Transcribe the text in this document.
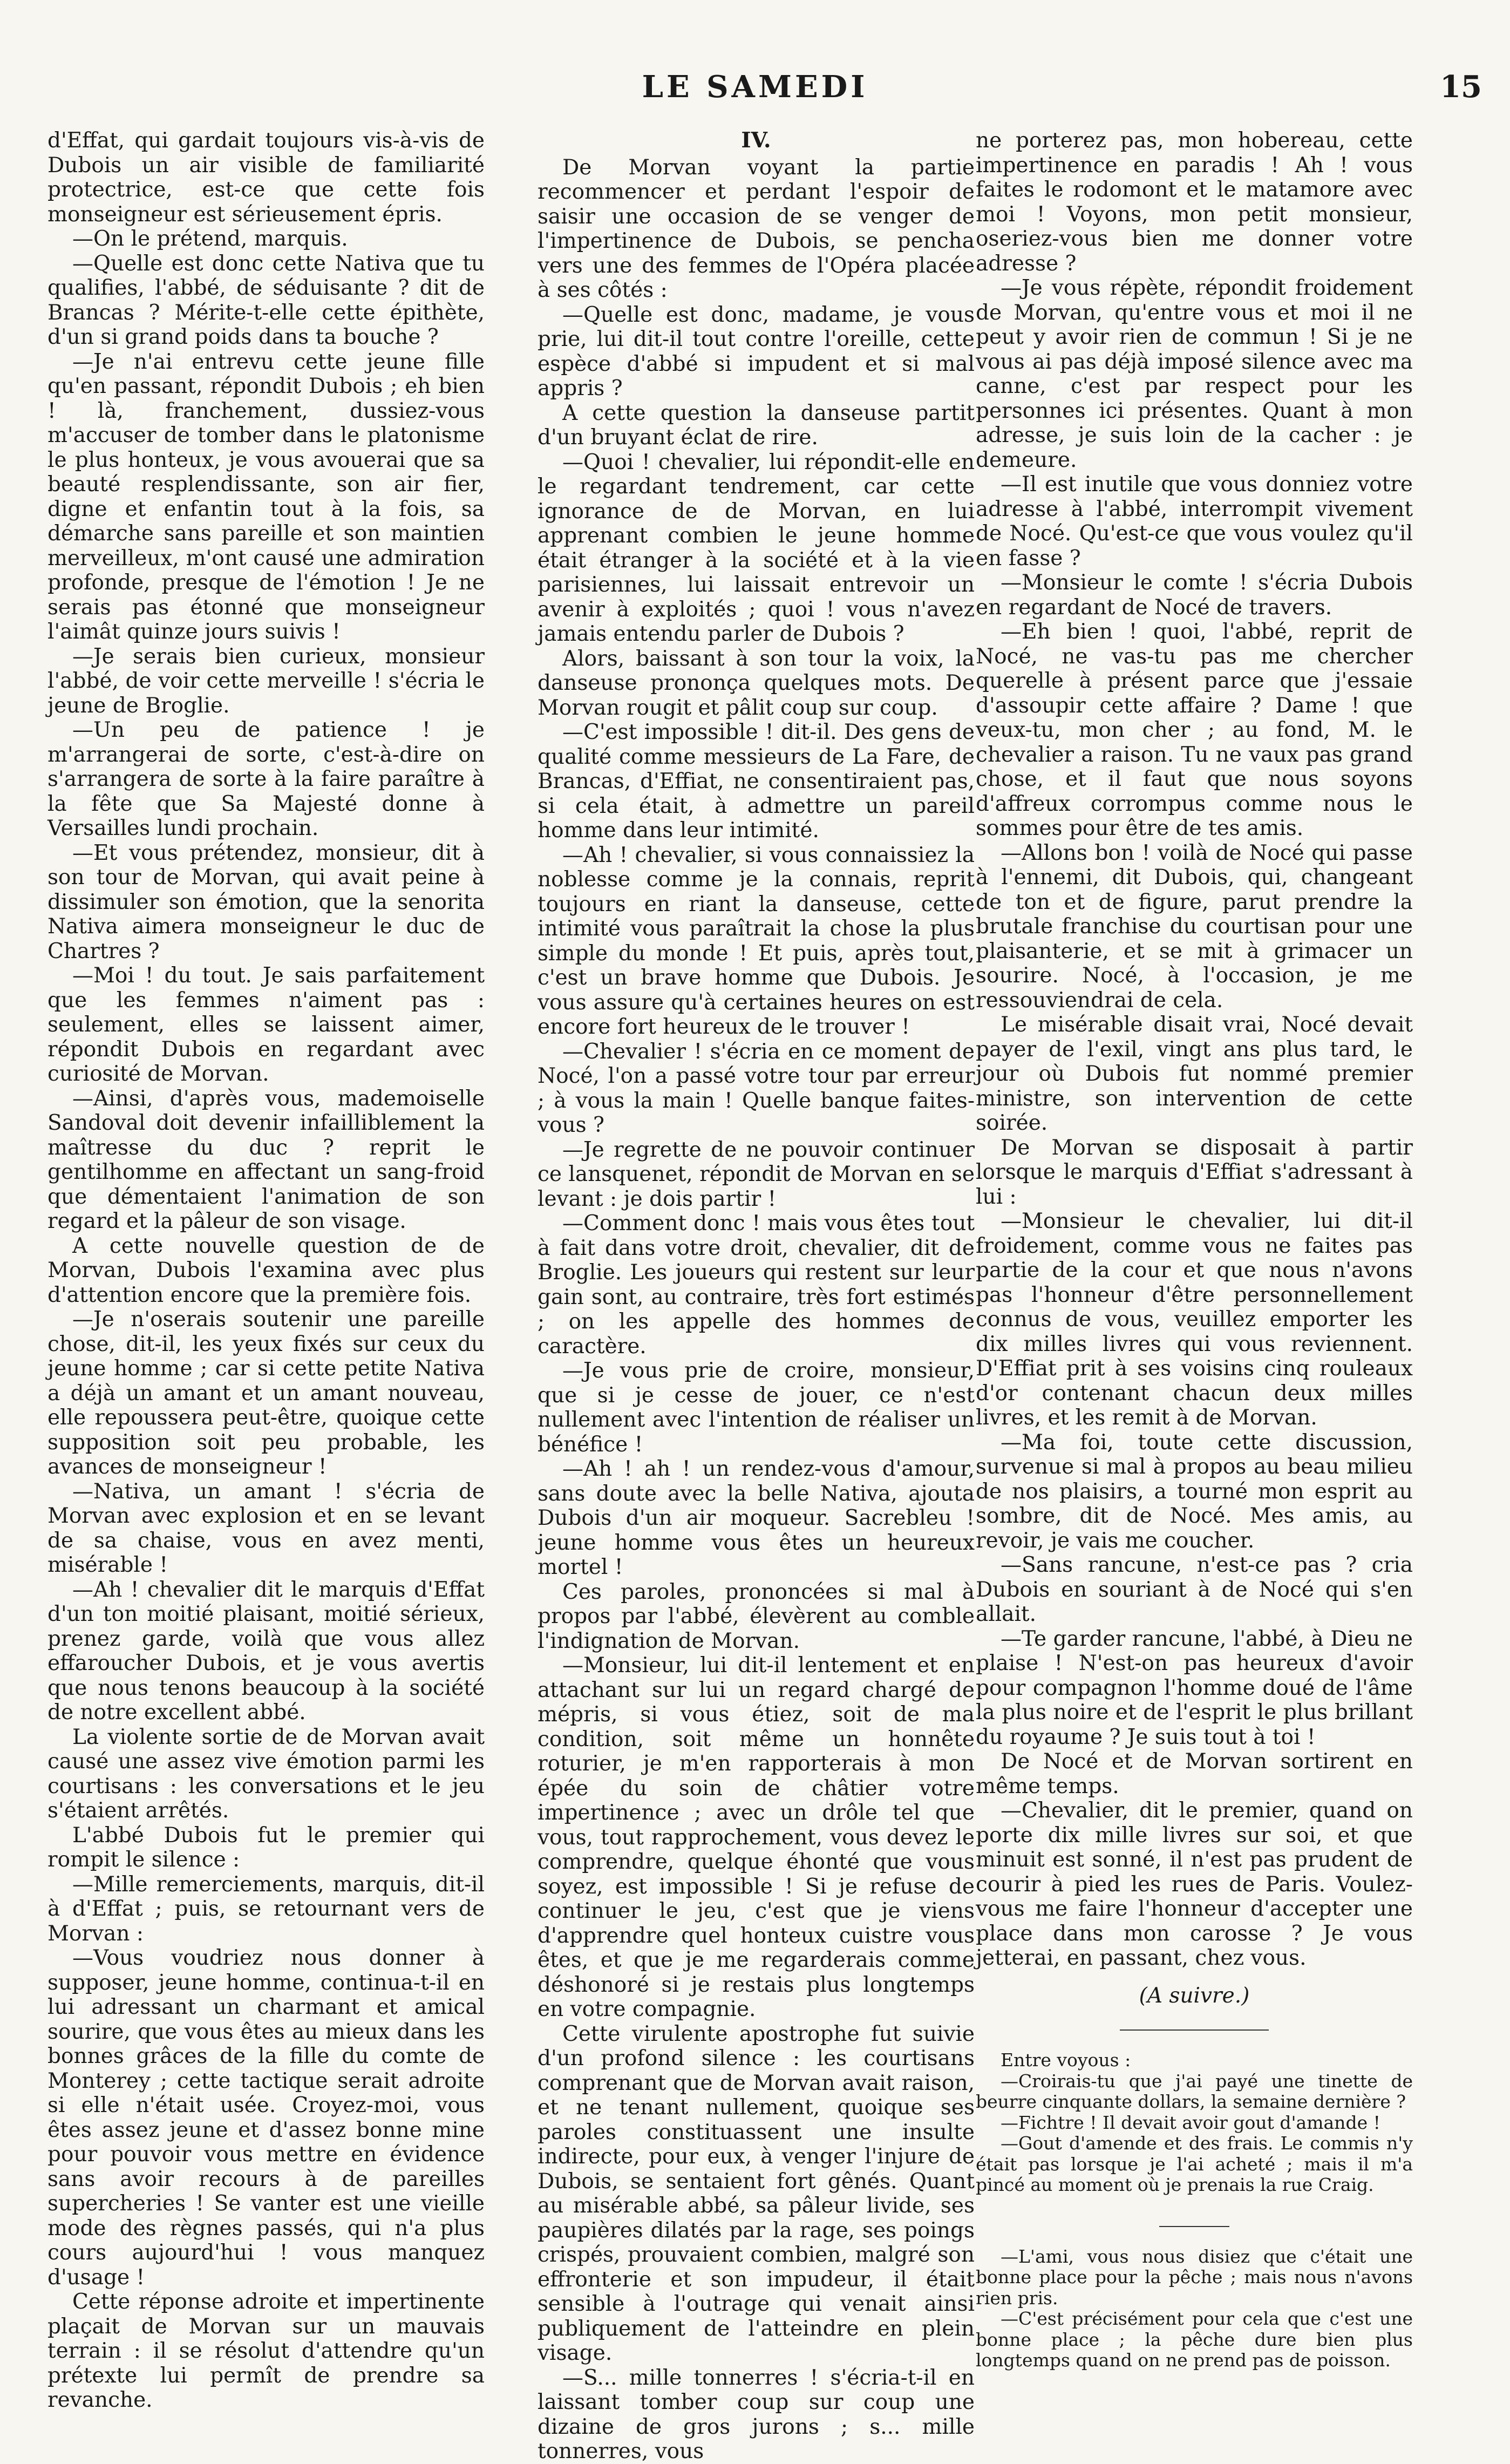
LE SAMEDI	15

d'Effat, qui gardait toujours vis-à-vis de Dubois un air visible de familiarité protectrice, est-ce que cette fois monseigneur est sérieusement épris.

—On le prétend, marquis.

—Quelle est donc cette Nativa que tu qualifies, l'abbé, de séduisante ? dit de Brancas ? Mérite-t-elle cette épithète, d'un si grand poids dans ta bouche ?

—Je n'ai entrevu cette jeune fille qu'en passant, répondit Dubois ; eh bien ! là, franchement, dussiez-vous m'accuser de tomber dans le platonisme le plus honteux, je vous avouerai que sa beauté resplendissante, son air fier, digne et enfantin tout à la fois, sa démarche sans pareille et son maintien merveilleux, m'ont causé une admiration profonde, presque de l'émotion ! Je ne serais pas étonné que monseigneur l'aimât quinze jours suivis !

—Je serais bien curieux, monsieur l'abbé, de voir cette merveille ! s'écria le jeune de Broglie.

—Un peu de patience ! je m'arrangerai de sorte, c'est-à-dire on s'arrangera de sorte à la faire paraître à la fête que Sa Majesté donne à Versailles lundi prochain.

—Et vous prétendez, monsieur, dit à son tour de Morvan, qui avait peine à dissimuler son émotion, que la senorita Nativa aimera monseigneur le duc de Chartres ?

—Moi ! du tout. Je sais parfaitement que les femmes n'aiment pas : seulement, elles se laissent aimer, répondit Dubois en regardant avec curiosité de Morvan.

—Ainsi, d'après vous, mademoiselle Sandoval doit devenir infailliblement la maîtresse du duc ? reprit le gentilhomme en affectant un sang-froid que démentaient l'animation de son regard et la pâleur de son visage.

A cette nouvelle question de de Morvan, Dubois l'examina avec plus d'attention encore que la première fois.

—Je n'oserais soutenir une pareille chose, dit-il, les yeux fixés sur ceux du jeune homme ; car si cette petite Nativa a déjà un amant et un amant nouveau, elle repoussera peut-être, quoique cette supposition soit peu probable, les avances de monseigneur !

—Nativa, un amant ! s'écria de Morvan avec explosion et en se levant de sa chaise, vous en avez menti, misérable !

—Ah ! chevalier dit le marquis d'Effat d'un ton moitié plaisant, moitié sérieux, prenez garde, voilà que vous allez effaroucher Dubois, et je vous avertis que nous tenons beaucoup à la société de notre excellent abbé.

La violente sortie de de Morvan avait causé une assez vive émotion parmi les courtisans : les conversations et le jeu s'étaient arrêtés.

L'abbé Dubois fut le premier qui rompit le silence :

—Mille remerciements, marquis, dit-il à d'Effat ; puis, se retournant vers de Morvan :

—Vous voudriez nous donner à supposer, jeune homme, continua-t-il en lui adressant un charmant et amical sourire, que vous êtes au mieux dans les bonnes grâces de la fille du comte de Monterey ; cette tactique serait adroite si elle n'était usée. Croyez-moi, vous êtes assez jeune et d'assez bonne mine pour pouvoir vous mettre en évidence sans avoir recours à de pareilles supercheries ! Se vanter est une vieille mode des règnes passés, qui n'a plus cours aujourd'hui ! vous manquez d'usage !

Cette réponse adroite et impertinente plaçait de Morvan sur un mauvais terrain : il se résolut d'attendre qu'un prétexte lui permît de prendre sa revanche.

IV.

De Morvan voyant la partie recommencer et perdant l'espoir de saisir une occasion de se venger de l'impertinence de Dubois, se pencha vers une des femmes de l'Opéra placée à ses côtés :

—Quelle est donc, madame, je vous prie, lui dit-il tout contre l'oreille, cette espèce d'abbé si impudent et si mal appris ?

A cette question la danseuse partit d'un bruyant éclat de rire.

—Quoi ! chevalier, lui répondit-elle en le regardant tendrement, car cette ignorance de de Morvan, en lui apprenant combien le jeune homme était étranger à la société et à la vie parisiennes, lui laissait entrevoir un avenir à exploités ; quoi ! vous n'avez jamais entendu parler de Dubois ?

Alors, baissant à son tour la voix, la danseuse prononça quelques mots. De Morvan rougit et pâlit coup sur coup.

—C'est impossible ! dit-il. Des gens de qualité comme messieurs de La Fare, de Brancas, d'Effiat, ne consentiraient pas, si cela était, à admettre un pareil homme dans leur intimité.

—Ah ! chevalier, si vous connaissiez la noblesse comme je la connais, reprit toujours en riant la danseuse, cette intimité vous paraîtrait la chose la plus simple du monde ! Et puis, après tout, c'est un brave homme que Dubois. Je vous assure qu'à certaines heures on est encore fort heureux de le trouver !

—Chevalier ! s'écria en ce moment de Nocé, l'on a passé votre tour par erreur ; à vous la main ! Quelle banque faites-vous ?

—Je regrette de ne pouvoir continuer ce lansquenet, répondit de Morvan en se levant : je dois partir !

—Comment donc ! mais vous êtes tout à fait dans votre droit, chevalier, dit de Broglie. Les joueurs qui restent sur leur gain sont, au contraire, très fort estimés ; on les appelle des hommes de caractère.

—Je vous prie de croire, monsieur, que si je cesse de jouer, ce n'est nullement avec l'intention de réaliser un bénéfice !

—Ah ! ah ! un rendez-vous d'amour, sans doute avec la belle Nativa, ajouta Dubois d'un air moqueur. Sacrebleu ! jeune homme vous êtes un heureux mortel !

Ces paroles, prononcées si mal à propos par l'abbé, élevèrent au comble l'indignation de Morvan.

—Monsieur, lui dit-il lentement et en attachant sur lui un regard chargé de mépris, si vous étiez, soit de ma condition, soit même un honnête roturier, je m'en rapporterais à mon épée du soin de châtier votre impertinence ; avec un drôle tel que vous, tout rapprochement, vous devez le comprendre, quelque éhonté que vous soyez, est impossible ! Si je refuse de continuer le jeu, c'est que je viens d'apprendre quel honteux cuistre vous êtes, et que je me regarderais comme déshonoré si je restais plus longtemps en votre compagnie.

Cette virulente apostrophe fut suivie d'un profond silence : les courtisans comprenant que de Morvan avait raison, et ne tenant nullement, quoique ses paroles constituassent une insulte indirecte, pour eux, à venger l'injure de Dubois, se sentaient fort gênés. Quant au misérable abbé, sa pâleur livide, ses paupières dilatés par la rage, ses poings crispés, prouvaient combien, malgré son effronterie et son impudeur, il était sensible à l'outrage qui venait ainsi publiquement de l'atteindre en plein visage.

—S... mille tonnerres ! s'écria-t-il en laissant tomber coup sur coup une dizaine de gros jurons ; s... mille tonnerres, vous

ne porterez pas, mon hobereau, cette impertinence en paradis ! Ah ! vous faites le rodomont et le matamore avec moi ! Voyons, mon petit monsieur, oseriez-vous bien me donner votre adresse ?

—Je vous répète, répondit froidement de Morvan, qu'entre vous et moi il ne peut y avoir rien de commun ! Si je ne vous ai pas déjà imposé silence avec ma canne, c'est par respect pour les personnes ici présentes. Quant à mon adresse, je suis loin de la cacher : je demeure.

—Il est inutile que vous donniez votre adresse à l'abbé, interrompit vivement de Nocé. Qu'est-ce que vous voulez qu'il en fasse ?

—Monsieur le comte ! s'écria Dubois en regardant de Nocé de travers.

—Eh bien ! quoi, l'abbé, reprit de Nocé, ne vas-tu pas me chercher querelle à présent parce que j'essaie d'assoupir cette affaire ? Dame ! que veux-tu, mon cher ; au fond, M. le chevalier a raison. Tu ne vaux pas grand chose, et il faut que nous soyons d'affreux corrompus comme nous le sommes pour être de tes amis.

—Allons bon ! voilà de Nocé qui passe à l'ennemi, dit Dubois, qui, changeant de ton et de figure, parut prendre la brutale franchise du courtisan pour une plaisanterie, et se mit à grimacer un sourire. Nocé, à l'occasion, je me ressouviendrai de cela.

Le misérable disait vrai, Nocé devait payer de l'exil, vingt ans plus tard, le jour où Dubois fut nommé premier ministre, son intervention de cette soirée.

De Morvan se disposait à partir lorsque le marquis d'Effiat s'adressant à lui :

—Monsieur le chevalier, lui dit-il froidement, comme vous ne faites pas partie de la cour et que nous n'avons pas l'honneur d'être personnellement connus de vous, veuillez emporter les dix milles livres qui vous reviennent. D'Effiat prit à ses voisins cinq rouleaux d'or contenant chacun deux milles livres, et les remit à de Morvan.

—Ma foi, toute cette discussion, survenue si mal à propos au beau milieu de nos plaisirs, a tourné mon esprit au sombre, dit de Nocé. Mes amis, au revoir, je vais me coucher.

—Sans rancune, n'est-ce pas ? cria Dubois en souriant à de Nocé qui s'en allait.

—Te garder rancune, l'abbé, à Dieu ne plaise ! N'est-on pas heureux d'avoir pour compagnon l'homme doué de l'âme la plus noire et de l'esprit le plus brillant du royaume ? Je suis tout à toi !

De Nocé et de Morvan sortirent en même temps.

—Chevalier, dit le premier, quand on porte dix mille livres sur soi, et que minuit est sonné, il n'est pas prudent de courir à pied les rues de Paris. Voulez-vous me faire l'honneur d'accepter une place dans mon carosse ? Je vous jetterai, en passant, chez vous.

(A suivre.)

Entre voyous :

—Croirais-tu que j'ai payé une tinette de beurre cinquante dollars, la semaine dernière ?

—Fichtre ! Il devait avoir gout d'amande !

—Gout d'amende et des frais. Le commis n'y était pas lorsque je l'ai acheté ; mais il m'a pincé au moment où je prenais la rue Craig.

—L'ami, vous nous disiez que c'était une bonne place pour la pêche ; mais nous n'avons rien pris.

—C'est précisément pour cela que c'est une bonne place ; la pêche dure bien plus longtemps quand on ne prend pas de poisson.
